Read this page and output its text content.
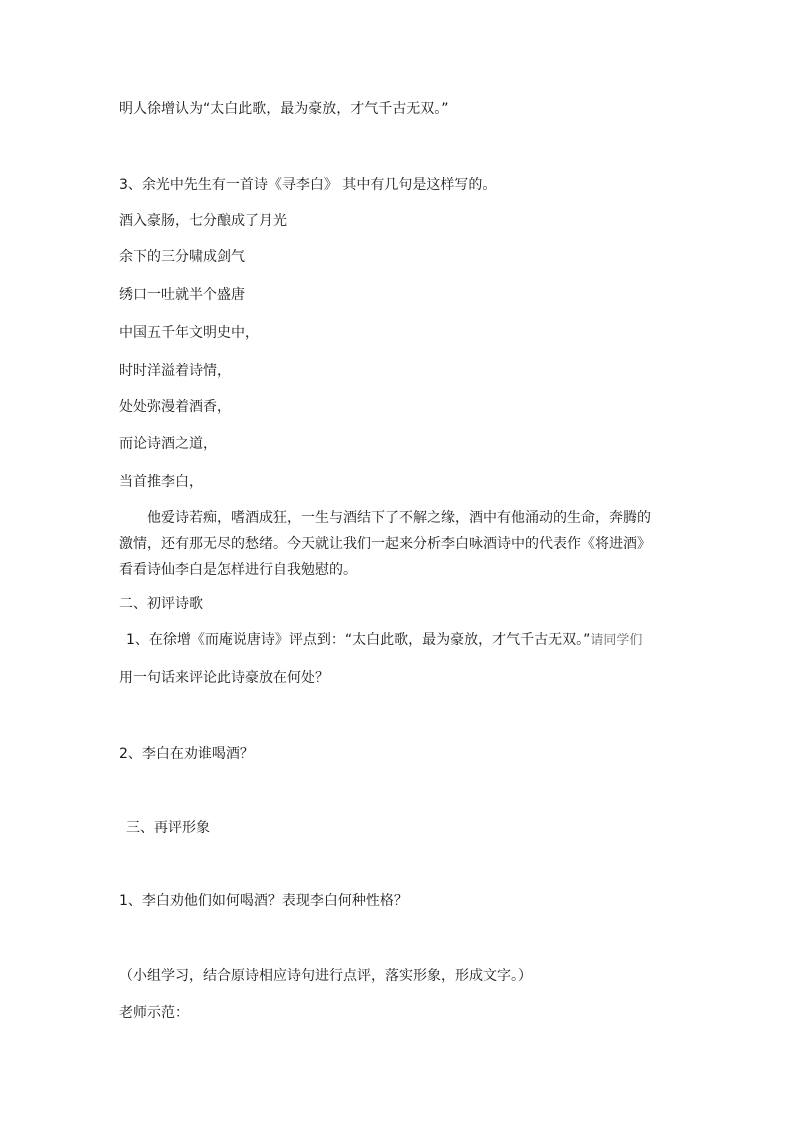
明人徐增认为“太白此歌，最为豪放，才气千古无双。”
3、余光中先生有一首诗《寻李白》 其中有几句是这样写的。
酒入豪肠，七分酿成了月光
余下的三分啸成剑气
绣口一吐就半个盛唐
中国五千年文明史中，
时时洋溢着诗情，
处处弥漫着酒香，
而论诗酒之道，
当首推李白，
他爱诗若痴，嗜酒成狂，一生与酒结下了不解之缘，酒中有他涌动的生命，奔腾的激情，还有那无尽的愁绪。今天就让我们一起来分析李白咏酒诗中的代表作《将进酒》 看看诗仙李白是怎样进行自我勉慰的。
二、初评诗歌
1、在徐增《而庵说唐诗》评点到：“太白此歌，最为豪放，才气千古无双。”请同学们
用一句话来评论此诗豪放在何处？
2、李白在劝谁喝酒？
三、再评形象
1、李白劝他们如何喝酒？表现李白何种性格？
（小组学习，结合原诗相应诗句进行点评，落实形象，形成文字。）
老师示范：
